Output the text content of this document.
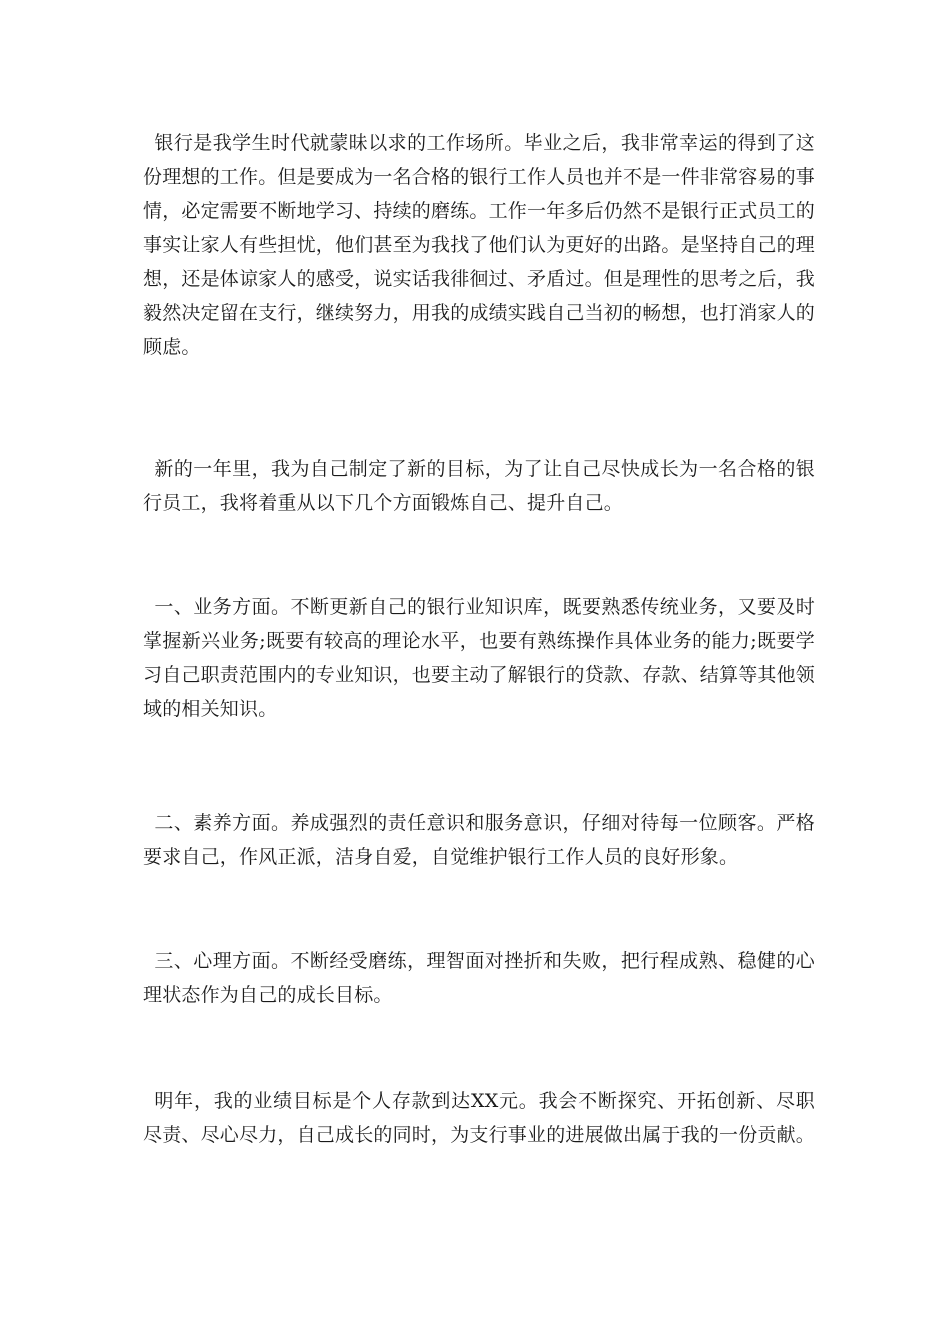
银行是我学生时代就蒙昧以求的工作场所。毕业之后，我非常幸运的得到了这份理想的工作。但是要成为一名合格的银行工作人员也并不是一件非常容易的事情，必定需要不断地学习、持续的磨练。工作一年多后仍然不是银行正式员工的事实让家人有些担忧，他们甚至为我找了他们认为更好的出路。是坚持自己的理想，还是体谅家人的感受，说实话我徘徊过、矛盾过。但是理性的思考之后，我毅然决定留在支行，继续努力，用我的成绩实践自己当初的畅想，也打消家人的顾虑。

新的一年里，我为自己制定了新的目标，为了让自己尽快成长为一名合格的银行员工，我将着重从以下几个方面锻炼自己、提升自己。

一、业务方面。不断更新自己的银行业知识库，既要熟悉传统业务，又要及时掌握新兴业务;既要有较高的理论水平，也要有熟练操作具体业务的能力;既要学习自己职责范围内的专业知识，也要主动了解银行的贷款、存款、结算等其他领域的相关知识。

二、素养方面。养成强烈的责任意识和服务意识，仔细对待每一位顾客。严格要求自己，作风正派，洁身自爱，自觉维护银行工作人员的良好形象。

三、心理方面。不断经受磨练，理智面对挫折和失败，把行程成熟、稳健的心理状态作为自己的成长目标。

明年，我的业绩目标是个人存款到达XX元。我会不断探究、开拓创新、尽职尽责、尽心尽力，自己成长的同时，为支行事业的进展做出属于我的一份贡献。
